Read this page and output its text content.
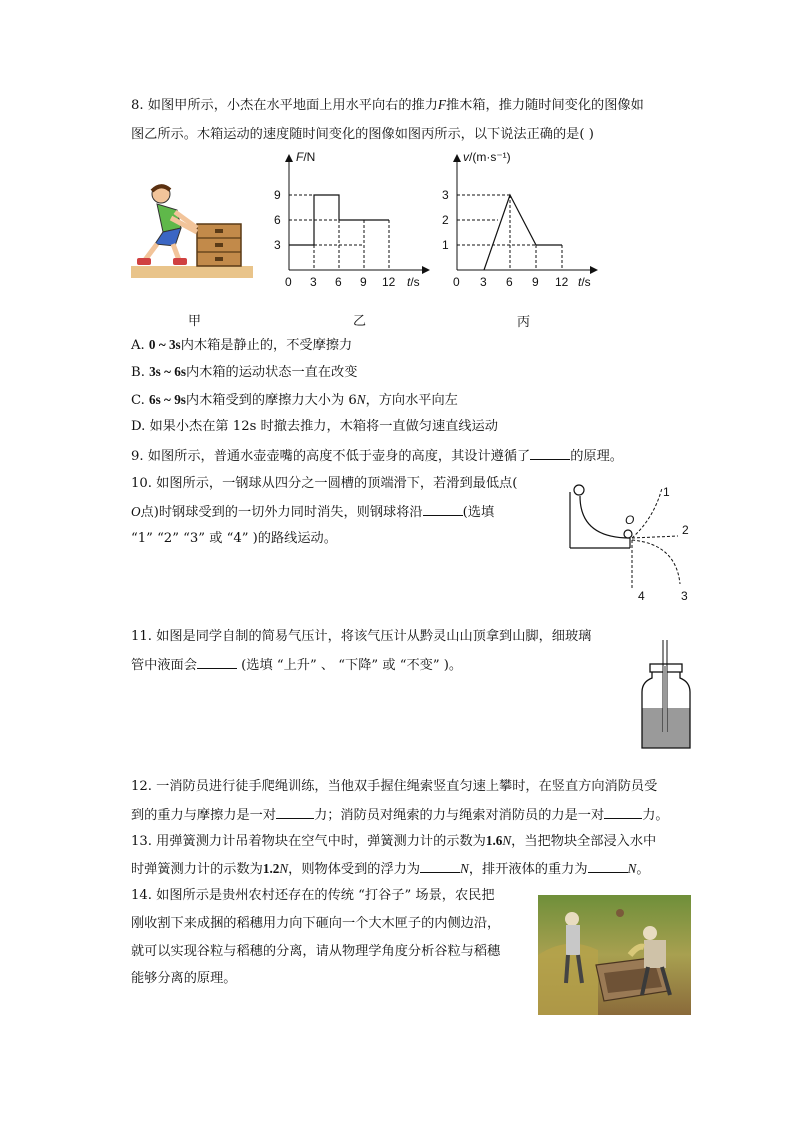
8. 如图甲所示，小杰在水平地面上用水平向右的推力F推木箱，推力随时间变化的图像如
图乙所示。木箱运动的速度随时间变化的图像如图丙所示，以下说法正确的是( )
F/N
3
6
9
0 3 6 9 12 t/s
v/(m·s⁻¹)
1
2
3
0 3 6 9 12 t/s
甲	乙	丙
A. 0 ~ 3s内木箱是静止的，不受摩擦力
B. 3s ~ 6s内木箱的运动状态一直在改变
C. 6s ~ 9s内木箱受到的摩擦力大小为 6N，方向水平向左
D. 如果小杰在第 12s 时撤去推力，木箱将一直做匀速直线运动
9. 如图所示，普通水壶壶嘴的高度不低于壶身的高度，其设计遵循了	的原理。
10. 如图所示，一钢球从四分之一圆槽的顶端滑下，若滑到最低点(
O点)时钢球受到的一切外力同时消失，则钢球将沿	(选填
“1” “2” “3” 或 “4” )的路线运动。
O
1
2
3
4
11. 如图是同学自制的简易气压计，将该气压计从黔灵山山顶拿到山脚，细玻璃
管中液面会	(选填 “上升” 、 “下降” 或 “不变” )。
12. 一消防员进行徒手爬绳训练，当他双手握住绳索竖直匀速上攀时，在竖直方向消防员受
到的重力与摩擦力是一对	力；消防员对绳索的力与绳索对消防员的力是一对	力。
13. 用弹簧测力计吊着物块在空气中时，弹簧测力计的示数为1.6N，当把物块全部浸入水中
时弹簧测力计的示数为1.2N，则物体受到的浮力为	N，排开液体的重力为	N。
14. 如图所示是贵州农村还存在的传统 “打谷子” 场景，农民把
刚收割下来成捆的稻穗用力向下砸向一个大木匣子的内侧边沿，
就可以实现谷粒与稻穗的分离，请从物理学角度分析谷粒与稻穗
能够分离的原理。
